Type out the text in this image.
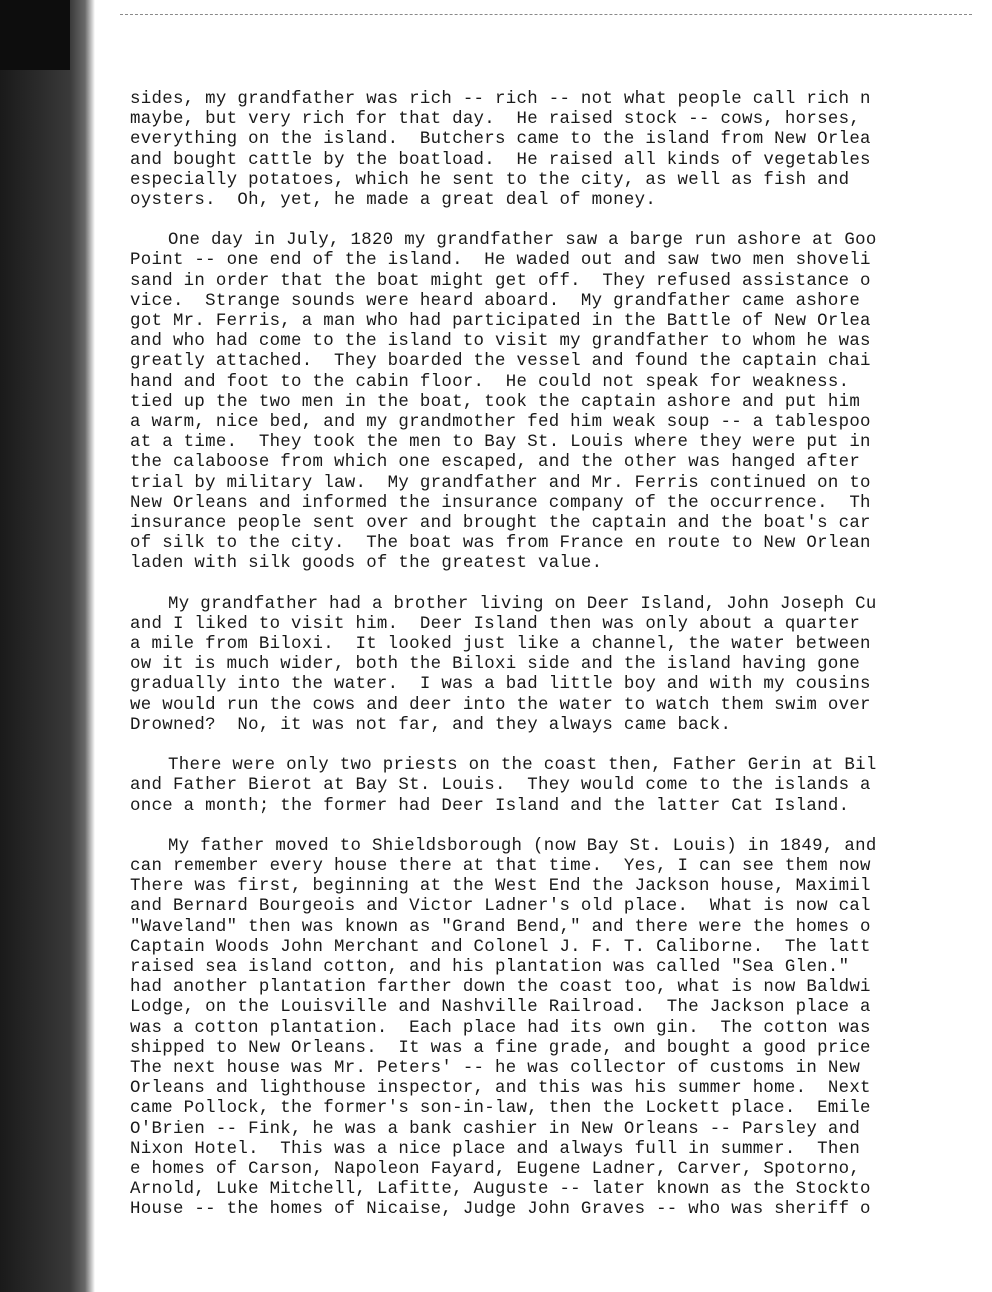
sides, my grandfather was rich -- rich -- not what people call rich n
maybe, but very rich for that day.  He raised stock -- cows, horses,
everything on the island.  Butchers came to the island from New Orlea
and bought cattle by the boatload.  He raised all kinds of vegetables
especially potatoes, which he sent to the city, as well as fish and
oysters.  Oh, yet, he made a great deal of money.
One day in July, 1820 my grandfather saw a barge run ashore at Goo
Point -- one end of the island.  He waded out and saw two men shoveli
sand in order that the boat might get off.  They refused assistance o
vice.  Strange sounds were heard aboard.  My grandfather came ashore
got Mr. Ferris, a man who had participated in the Battle of New Orlea
and who had come to the island to visit my grandfather to whom he was
greatly attached.  They boarded the vessel and found the captain chai
hand and foot to the cabin floor.  He could not speak for weakness.
tied up the two men in the boat, took the captain ashore and put him
a warm, nice bed, and my grandmother fed him weak soup -- a tablespoo
at a time.  They took the men to Bay St. Louis where they were put in
the calaboose from which one escaped, and the other was hanged after
trial by military law.  My grandfather and Mr. Ferris continued on to
New Orleans and informed the insurance company of the occurrence.  Th
insurance people sent over and brought the captain and the boat's car
of silk to the city.  The boat was from France en route to New Orlean
laden with silk goods of the greatest value.
My grandfather had a brother living on Deer Island, John Joseph Cu
and I liked to visit him.  Deer Island then was only about a quarter
a mile from Biloxi.  It looked just like a channel, the water between
ow it is much wider, both the Biloxi side and the island having gone
gradually into the water.  I was a bad little boy and with my cousins
we would run the cows and deer into the water to watch them swim over
Drowned?  No, it was not far, and they always came back.
There were only two priests on the coast then, Father Gerin at Bil
and Father Bierot at Bay St. Louis.  They would come to the islands a
once a month; the former had Deer Island and the latter Cat Island.
My father moved to Shieldsborough (now Bay St. Louis) in 1849, and
can remember every house there at that time.  Yes, I can see them now
There was first, beginning at the West End the Jackson house, Maximil
and Bernard Bourgeois and Victor Ladner's old place.  What is now cal
"Waveland" then was known as "Grand Bend," and there were the homes o
Captain Woods John Merchant and Colonel J. F. T. Caliborne.  The latt
raised sea island cotton, and his plantation was called "Sea Glen."
had another plantation farther down the coast too, what is now Baldwi
Lodge, on the Louisville and Nashville Railroad.  The Jackson place a
was a cotton plantation.  Each place had its own gin.  The cotton was
shipped to New Orleans.  It was a fine grade, and bought a good price
The next house was Mr. Peters' -- he was collector of customs in New
Orleans and lighthouse inspector, and this was his summer home.  Next
came Pollock, the former's son-in-law, then the Lockett place.  Emile
O'Brien -- Fink, he was a bank cashier in New Orleans -- Parsley and
Nixon Hotel.  This was a nice place and always full in summer.  Then
e homes of Carson, Napoleon Fayard, Eugene Ladner, Carver, Spotorno,
Arnold, Luke Mitchell, Lafitte, Auguste -- later known as the Stockto
House -- the homes of Nicaise, Judge John Graves -- who was sheriff o
